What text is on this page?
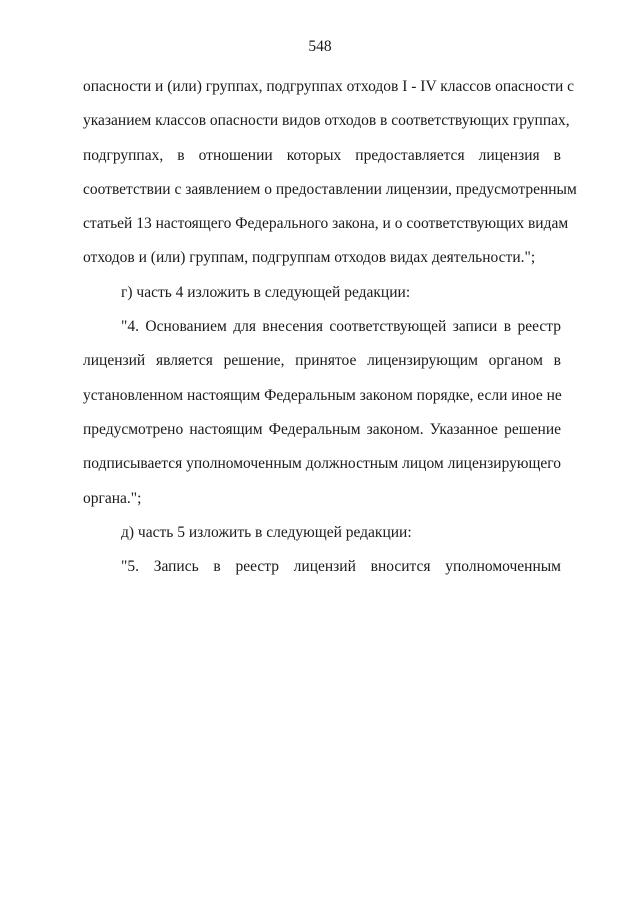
548
опасности и (или) группах, подгруппах отходов I - IV классов опасности с
указанием классов опасности видов отходов в соответствующих группах,
подгруппах, в отношении которых предоставляется лицензия в
соответствии с заявлением о предоставлении лицензии, предусмотренным
статьей 13 настоящего Федерального закона, и о соответствующих видам
отходов и (или) группам, подгруппам отходов видах деятельности.";
г) часть 4 изложить в следующей редакции:
"4. Основанием для внесения соответствующей записи в реестр
лицензий является решение, принятое лицензирующим органом в
установленном настоящим Федеральным законом порядке, если иное не
предусмотрено настоящим Федеральным законом. Указанное решение
подписывается уполномоченным должностным лицом лицензирующего
органа.";
д) часть 5 изложить в следующей редакции:
"5. Запись в реестр лицензий вносится уполномоченным
